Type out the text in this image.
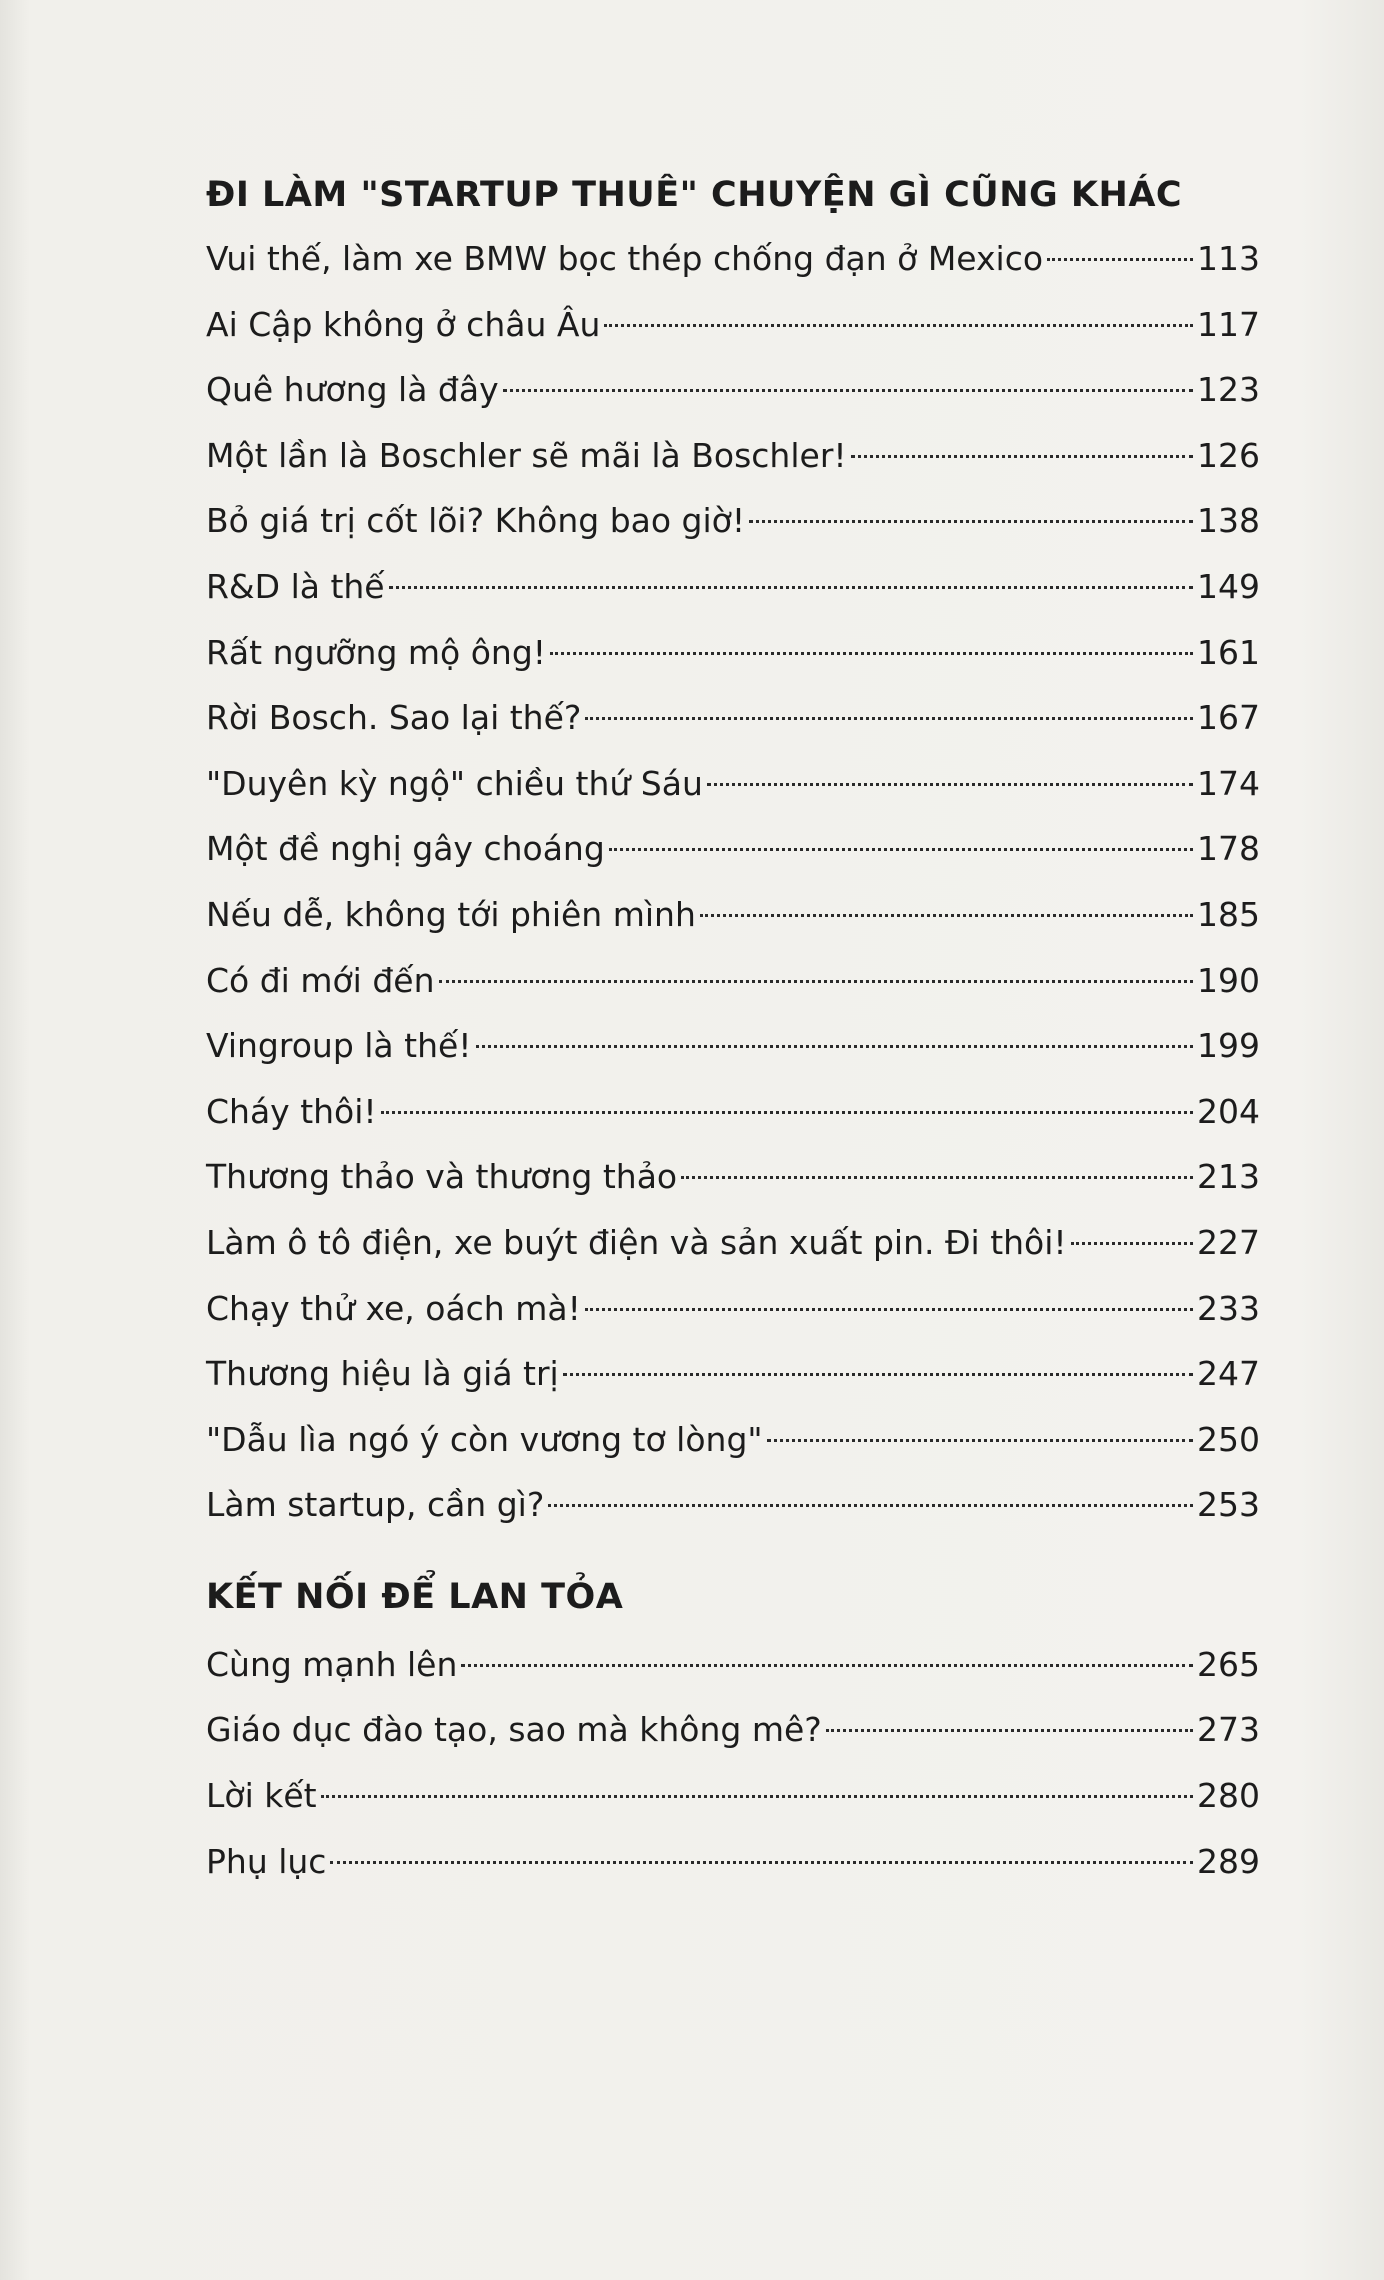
ĐI LÀM "STARTUP THUÊ" CHUYỆN GÌ CŨNG KHÁC
Vui thế, làm xe BMW bọc thép chống đạn ở Mexico	113
Ai Cập không ở châu Âu	117
Quê hương là đây	123
Một lần là Boschler sẽ mãi là Boschler!	126
Bỏ giá trị cốt lõi? Không bao giờ!	138
R&D là thế	149
Rất ngưỡng mộ ông!	161
Rời Bosch. Sao lại thế?	167
"Duyên kỳ ngộ" chiều thứ Sáu	174
Một đề nghị gây choáng	178
Nếu dễ, không tới phiên mình	185
Có đi mới đến	190
Vingroup là thế!	199
Cháy thôi!	204
Thương thảo và thương thảo	213
Làm ô tô điện, xe buýt điện và sản xuất pin. Đi thôi!	227
Chạy thử xe, oách mà!	233
Thương hiệu là giá trị	247
"Dẫu lìa ngó ý còn vương tơ lòng"	250
Làm startup, cần gì?	253
KẾT NỐI ĐỂ LAN TỎA
Cùng mạnh lên	265
Giáo dục đào tạo, sao mà không mê?	273
Lời kết	280
Phụ lục	289
